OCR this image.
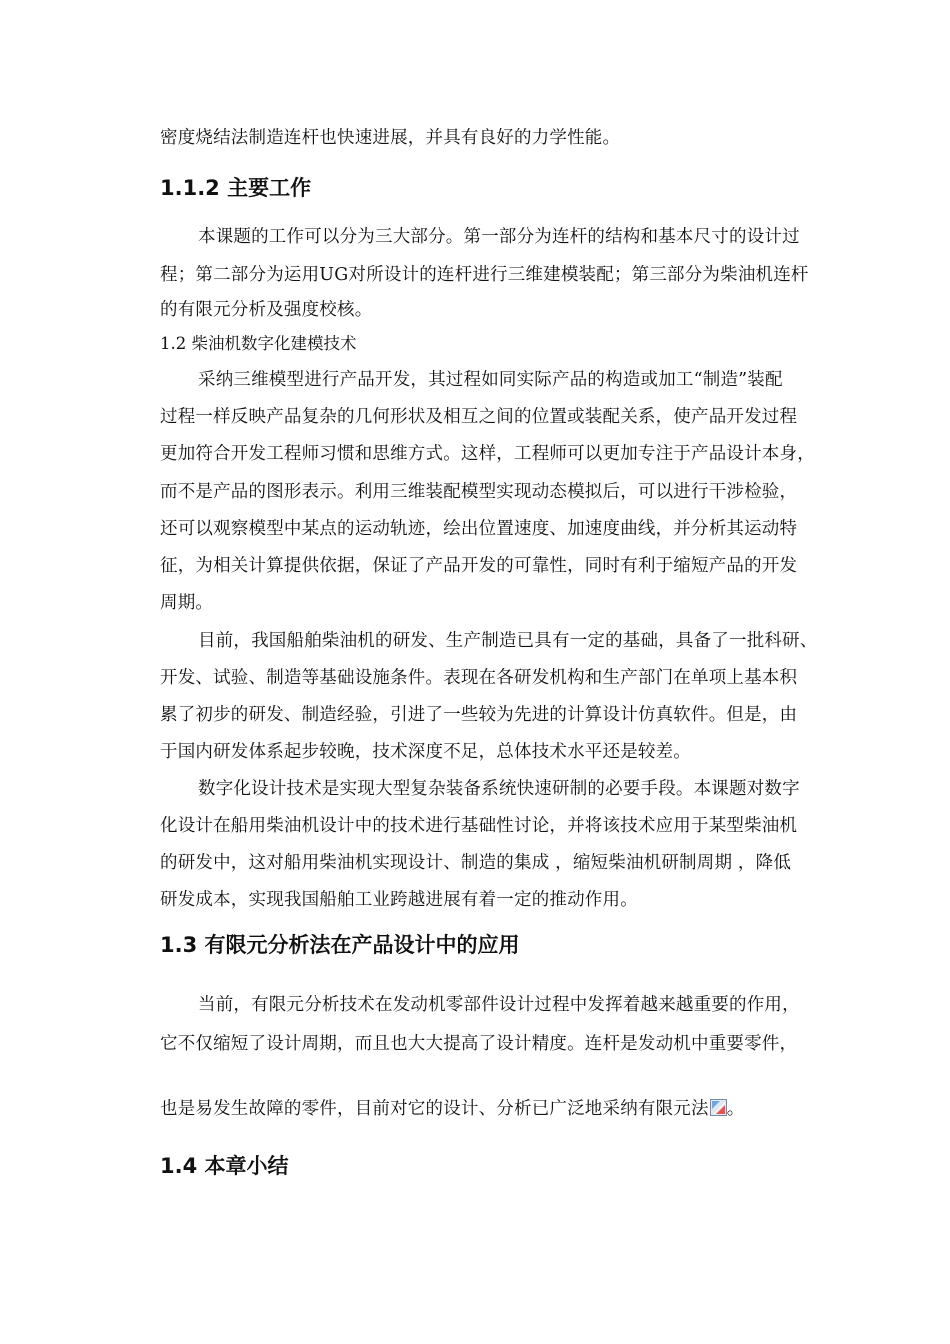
密度烧结法制造连杆也快速进展，并具有良好的力学性能。
1.1.2 主要工作
本课题的工作可以分为三大部分。第一部分为连杆的结构和基本尺寸的设计过
程；第二部分为运用UG对所设计的连杆进行三维建模装配；第三部分为柴油机连杆
的有限元分析及强度校核。
1.2 柴油机数字化建模技术
采纳三维模型进行产品开发，其过程如同实际产品的构造或加工“制造”装配
过程一样反映产品复杂的几何形状及相互之间的位置或装配关系，使产品开发过程
更加符合开发工程师习惯和思维方式。这样，工程师可以更加专注于产品设计本身，
而不是产品的图形表示。利用三维装配模型实现动态模拟后，可以进行干涉检验，
还可以观察模型中某点的运动轨迹，绘出位置速度、加速度曲线，并分析其运动特
征，为相关计算提供依据，保证了产品开发的可靠性，同时有利于缩短产品的开发
周期。
目前，我国船舶柴油机的研发、生产制造已具有一定的基础，具备了一批科研、
开发、试验、制造等基础设施条件。表现在各研发机构和生产部门在单项上基本积
累了初步的研发、制造经验，引进了一些较为先进的计算设计仿真软件。但是，由
于国内研发体系起步较晚，技术深度不足，总体技术水平还是较差。
数字化设计技术是实现大型复杂装备系统快速研制的必要手段。本课题对数字
化设计在船用柴油机设计中的技术进行基础性讨论，并将该技术应用于某型柴油机
的研发中，这对船用柴油机实现设计、制造的集成 ，缩短柴油机研制周期 ，降低
研发成本，实现我国船舶工业跨越进展有着一定的推动作用。
1.3 有限元分析法在产品设计中的应用
当前，有限元分析技术在发动机零部件设计过程中发挥着越来越重要的作用，
它不仅缩短了设计周期，而且也大大提高了设计精度。连杆是发动机中重要零件，
也是易发生故障的零件，目前对它的设计、分析已广泛地采纳有限元法 。
1.4 本章小结
